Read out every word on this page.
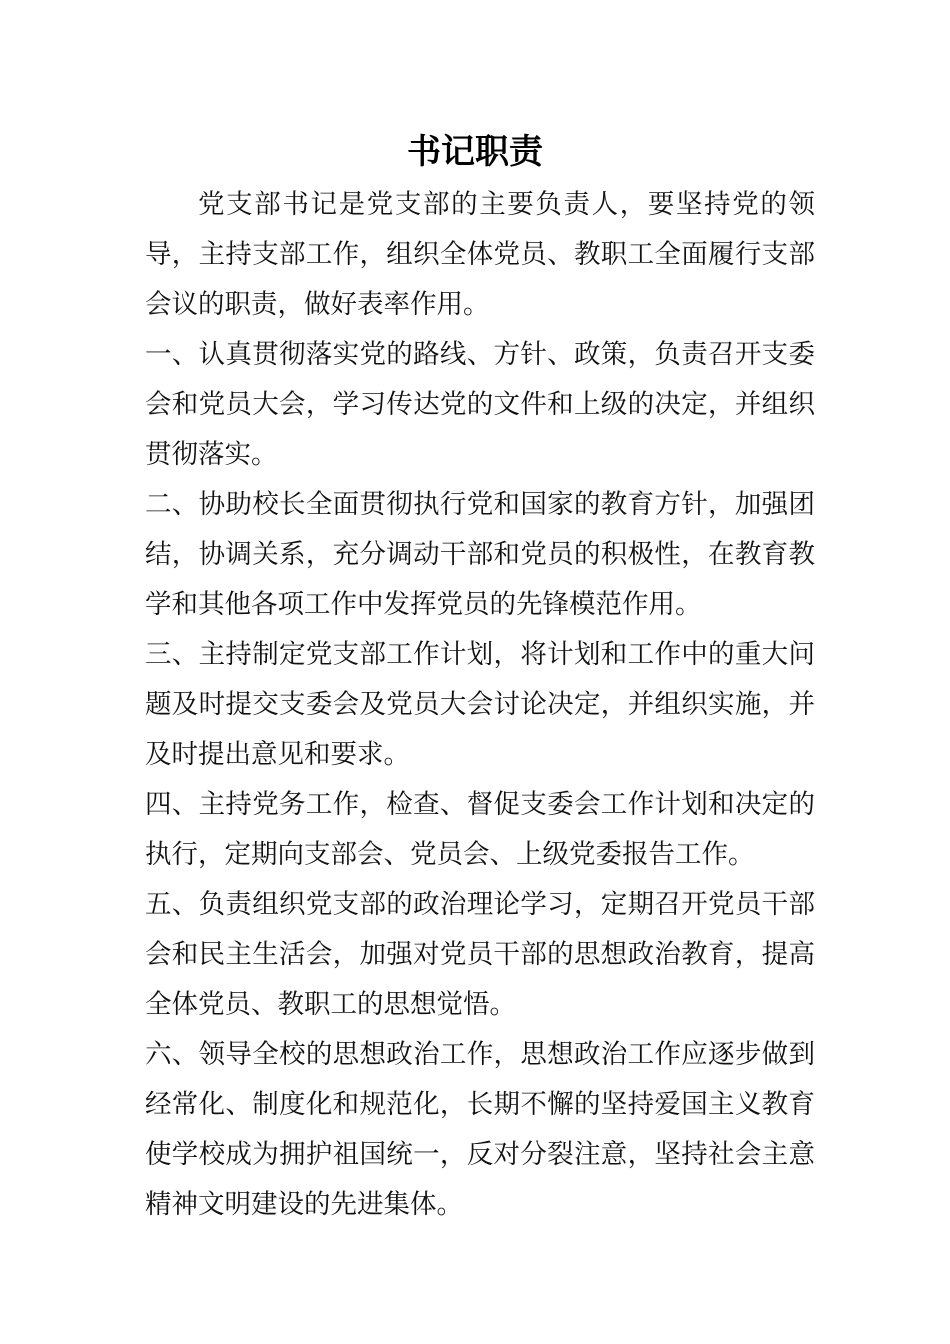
书记职责

党支部书记是党支部的主要负责人，要坚持党的领导，主持支部工作，组织全体党员、教职工全面履行支部会议的职责，做好表率作用。

一、认真贯彻落实党的路线、方针、政策，负责召开支委会和党员大会，学习传达党的文件和上级的决定，并组织贯彻落实。

二、协助校长全面贯彻执行党和国家的教育方针，加强团结，协调关系，充分调动干部和党员的积极性，在教育教学和其他各项工作中发挥党员的先锋模范作用。

三、主持制定党支部工作计划，将计划和工作中的重大问题及时提交支委会及党员大会讨论决定，并组织实施，并及时提出意见和要求。

四、主持党务工作，检查、督促支委会工作计划和决定的执行，定期向支部会、党员会、上级党委报告工作。

五、负责组织党支部的政治理论学习，定期召开党员干部会和民主生活会，加强对党员干部的思想政治教育，提高全体党员、教职工的思想觉悟。

六、领导全校的思想政治工作，思想政治工作应逐步做到经常化、制度化和规范化，长期不懈的坚持爱国主义教育使学校成为拥护祖国统一，反对分裂注意，坚持社会主意精神文明建设的先进集体。
